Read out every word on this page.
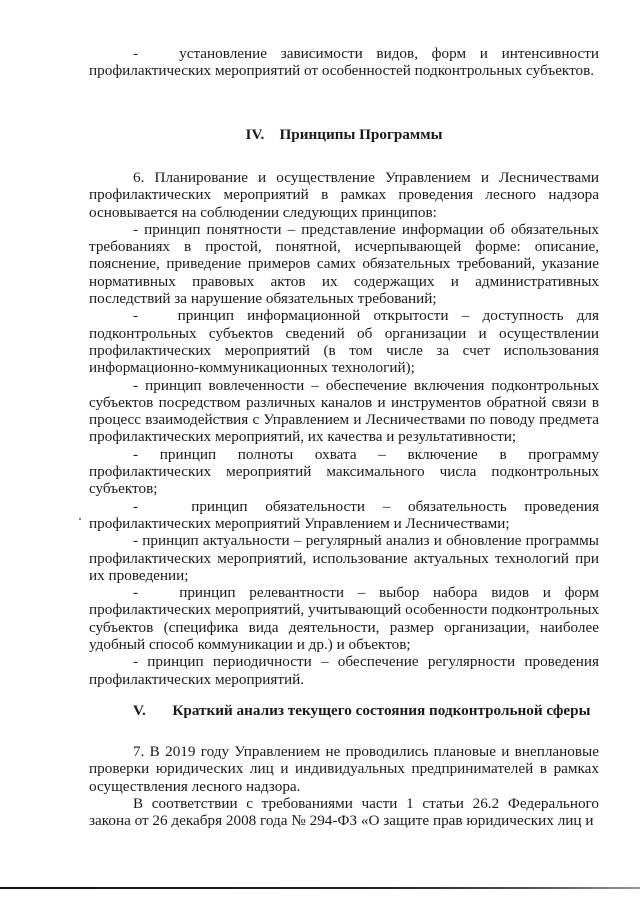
-   установление зависимости видов, форм и интенсивности профилактических мероприятий от особенностей подконтрольных субъектов.

IV. Принципы Программы

6. Планирование и осуществление Управлением и Лесничествами профилактических мероприятий в рамках проведения лесного надзора основывается на соблюдении следующих принципов:

- принцип понятности – представление информации об обязательных требованиях в простой, понятной, исчерпывающей форме: описание, пояснение, приведение примеров самих обязательных требований, указание нормативных правовых актов их содержащих и административных последствий за нарушение обязательных требований;

-   принцип информационной открытости – доступность для подконтрольных субъектов сведений об организации и осуществлении профилактических мероприятий (в том числе за счет использования информационно-коммуникационных технологий);

- принцип вовлеченности – обеспечение включения подконтрольных субъектов посредством различных каналов и инструментов обратной связи в процесс взаимодействия с Управлением и Лесничествами по поводу предмета профилактических мероприятий, их качества и результативности;

- принцип полноты охвата – включение в программу профилактических мероприятий максимального числа подконтрольных субъектов;

-   принцип обязательности – обязательность проведения профилактических мероприятий Управлением и Лесничествами;

- принцип актуальности – регулярный анализ и обновление программы профилактических мероприятий, использование актуальных технологий при их проведении;

-   принцип релевантности – выбор набора видов и форм профилактических мероприятий, учитывающий особенности подконтрольных субъектов (специфика вида деятельности, размер организации, наиболее удобный способ коммуникации и др.) и объектов;

- принцип периодичности – обеспечение регулярности проведения профилактических мероприятий.

V. Краткий анализ текущего состояния подконтрольной сферы

7. В 2019 году Управлением не проводились плановые и внеплановые проверки юридических лиц и индивидуальных предпринимателей в рамках осуществления лесного надзора.

В соответствии с требованиями части 1 статьи 26.2 Федерального закона от 26 декабря 2008 года № 294-ФЗ «О защите прав юридических лиц и
